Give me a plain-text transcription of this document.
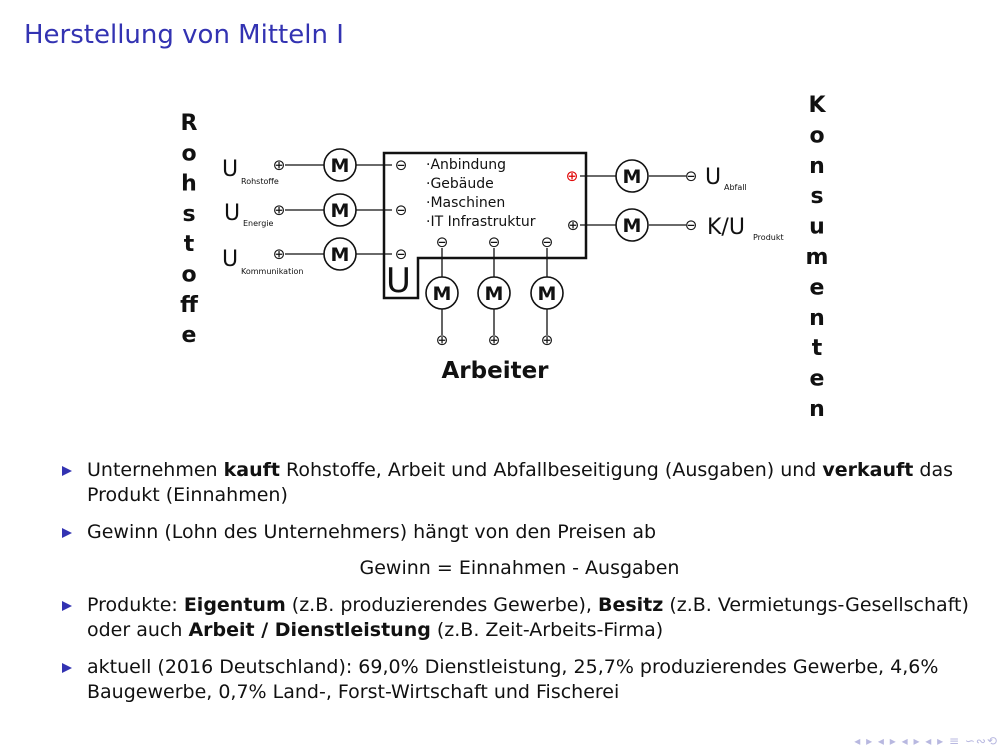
Herstellung von Mitteln I
R
o
h
s
t
o
ff
e
K
o
n
s
u
m
e
n
t
e
n
·Anbindung
·Gebäude
·Maschinen
·IT Infrastruktur
U
M
M
M
M
M
M M M
⊕
⊕
⊕
⊖
⊖
⊖
⊕
⊕
⊖
⊖
⊖	⊖	⊖
⊕	⊕	⊕
U Rohstoffe
U Energie
U Kommunikation
U Abfall
K/U Produkt
Arbeiter
Unternehmen kauft Rohstoffe, Arbeit und Abfallbeseitigung (Ausgaben) und verkauft das Produkt (Einnahmen)
Gewinn (Lohn des Unternehmers) hängt von den Preisen ab
Gewinn = Einnahmen - Ausgaben
Produkte: Eigentum (z.B. produzierendes Gewerbe), Besitz (z.B. Vermietungs-Gesellschaft) oder auch Arbeit / Dienstleistung (z.B. Zeit-Arbeits-Firma)
aktuell (2016 Deutschland): 69,0% Dienstleistung, 25,7% produzierendes Gewerbe, 4,6% Baugewerbe, 0,7% Land-, Forst-Wirtschaft und Fischerei
◂ ▸ ◂ ▸ ◂ ▸ ◂ ▸ ≡ ∽∾⟲
